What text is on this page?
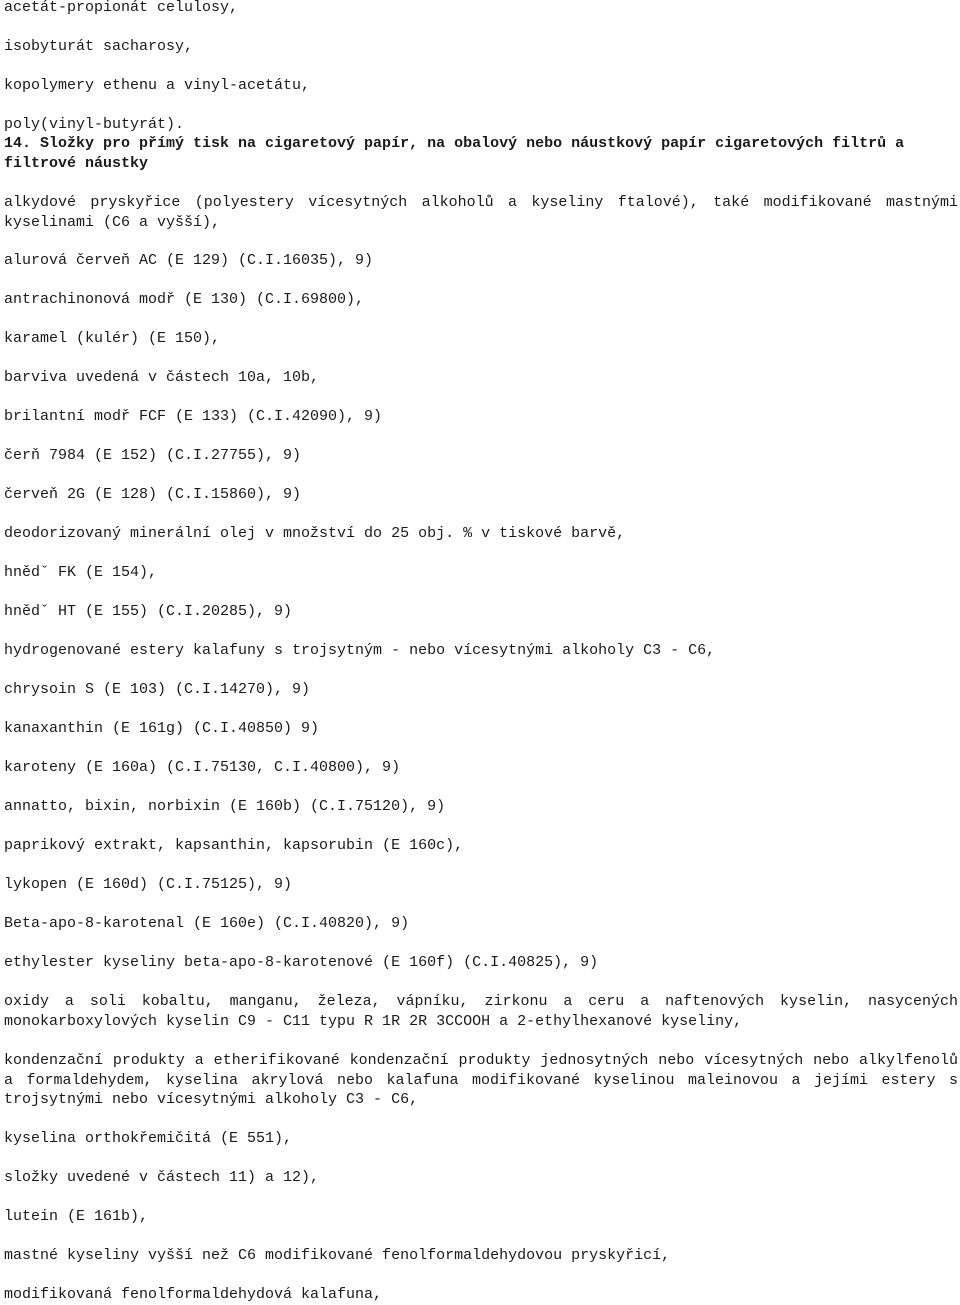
acetát-propionát celulosy,

isobyturát sacharosy,

kopolymery ethenu a vinyl-acetátu,

poly(vinyl-butyrát).

14. Složky pro přímý tisk na cigaretový papír, na obalový nebo náustkový papír cigaretových filtrů a filtrové náustky

alkydové pryskyřice (polyestery vícesytných alkoholů a kyseliny ftalové), také modifikované mastnými kyselinami (C6 a vyšší),

alurová červeň AC (E 129) (C.I.16035), 9)

antrachinonová modř (E 130) (C.I.69800),

karamel (kulér) (E 150),

barviva uvedená v částech 10a, 10b,

brilantní modř FCF (E 133) (C.I.42090), 9)

čerň 7984 (E 152) (C.I.27755), 9)

červeň 2G (E 128) (C.I.15860), 9)

deodorizovaný minerální olej v množství do 25 obj. % v tiskové barvě,

hnědˇ FK (E 154),

hnědˇ HT (E 155) (C.I.20285), 9)

hydrogenované estery kalafuny s trojsytným - nebo vícesytnými alkoholy C3 - C6,

chrysoin S (E 103) (C.I.14270), 9)

kanaxanthin (E 161g) (C.I.40850) 9)

karoteny (E 160a) (C.I.75130, C.I.40800), 9)

annatto, bixin, norbixin (E 160b) (C.I.75120), 9)

paprikový extrakt, kapsanthin, kapsorubin (E 160c),

lykopen (E 160d) (C.I.75125), 9)

Beta-apo-8-karotenal (E 160e) (C.I.40820), 9)

ethylester kyseliny beta-apo-8-karotenové (E 160f) (C.I.40825), 9)

oxidy a soli kobaltu, manganu, železa, vápníku, zirkonu a ceru a naftenových kyselin, nasycených monokarboxylových kyselin C9 - C11 typu R 1R 2R 3CCOOH a 2-ethylhexanové kyseliny,

kondenzační produkty a etherifikované kondenzační produkty jednosytných nebo vícesytných nebo alkylfenolů a formaldehydem, kyselina akrylová nebo kalafuna modifikované kyselinou maleinovou a jejími estery s trojsytnými nebo vícesytnými alkoholy C3 - C6,

kyselina orthokřemičitá (E 551),

složky uvedené v částech 11) a 12),

lutein (E 161b),

mastné kyseliny vyšší než C6 modifikované fenolformaldehydovou pryskyřicí,

modifikovaná fenolformaldehydová kalafuna,
